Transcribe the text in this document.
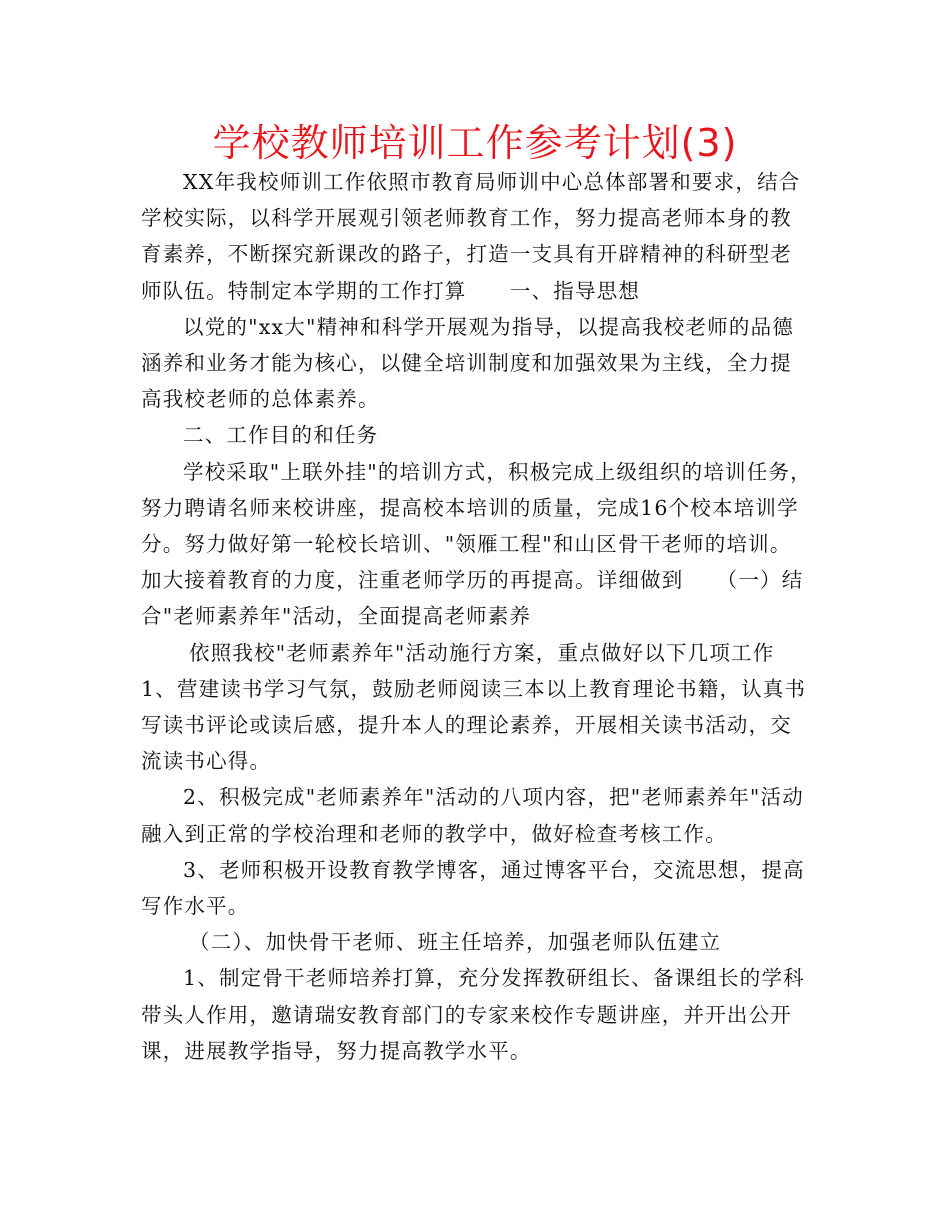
学校教师培训工作参考计划(3)

XX年我校师训工作依照市教育局师训中心总体部署和要求，结合学校实际，以科学开展观引领老师教育工作，努力提高老师本身的教育素养，不断探究新课改的路子，打造一支具有开辟精神的科研型老师队伍。特制定本学期的工作打算　　一、指导思想

以党的"xx大"精神和科学开展观为指导，以提高我校老师的品德涵养和业务才能为核心，以健全培训制度和加强效果为主线，全力提高我校老师的总体素养。

二、工作目的和任务

学校采取"上联外挂"的培训方式，积极完成上级组织的培训任务，努力聘请名师来校讲座，提高校本培训的质量，完成16个校本培训学分。努力做好第一轮校长培训、"领雁工程"和山区骨干老师的培训。加大接着教育的力度，注重老师学历的再提高。详细做到　　（一）结合"老师素养年"活动，全面提高老师素养

依照我校"老师素养年"活动施行方案，重点做好以下几项工作

1、营建读书学习气氛，鼓励老师阅读三本以上教育理论书籍，认真书写读书评论或读后感，提升本人的理论素养，开展相关读书活动，交流读书心得。

2、积极完成"老师素养年"活动的八项内容，把"老师素养年"活动融入到正常的学校治理和老师的教学中，做好检查考核工作。

3、老师积极开设教育教学博客，通过博客平台，交流思想，提高写作水平。

（二）、加快骨干老师、班主任培养，加强老师队伍建立

1、制定骨干老师培养打算，充分发挥教研组长、备课组长的学科带头人作用，邀请瑞安教育部门的专家来校作专题讲座，并开出公开课，进展教学指导，努力提高教学水平。
